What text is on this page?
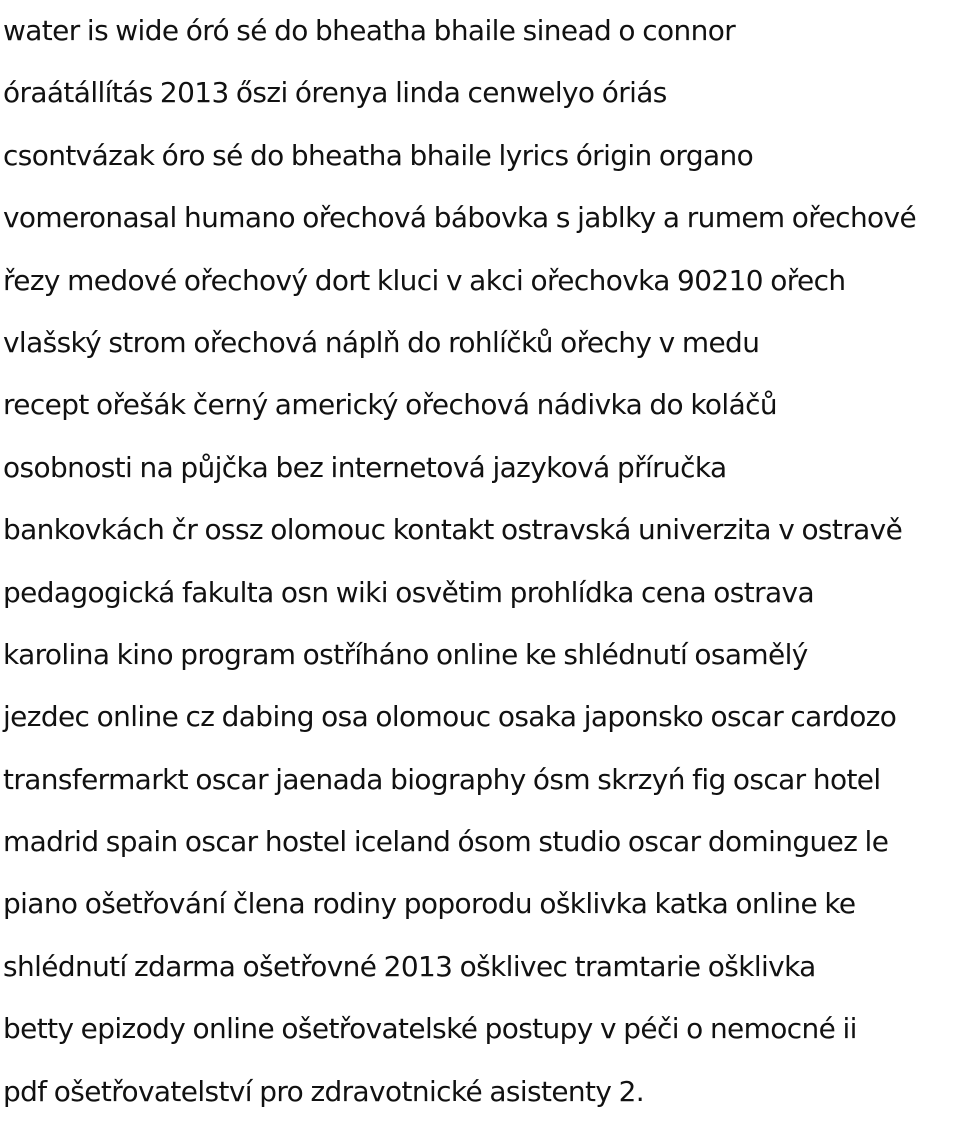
water is wide óró sé do bheatha bhaile sinead o connor
óraátállítás 2013 őszi órenya linda cenwelyo óriás
csontvázak óro sé do bheatha bhaile lyrics órigin organo
vomeronasal humano ořechová bábovka s jablky a rumem ořechové
řezy medové ořechový dort kluci v akci ořechovka 90210 ořech
vlašský strom ořechová náplň do rohlíčků ořechy v medu
recept ořešák černý americký ořechová nádivka do koláčů
osobnosti na půjčka bez internetová jazyková příručka
bankovkách čr ossz olomouc kontakt ostravská univerzita v ostravě
pedagogická fakulta osn wiki osvětim prohlídka cena ostrava
karolina kino program ostříháno online ke shlédnutí osamělý
jezdec online cz dabing osa olomouc osaka japonsko oscar cardozo
transfermarkt oscar jaenada biography ósm skrzyń fig oscar hotel
madrid spain oscar hostel iceland ósom studio oscar dominguez le
piano ošetřování člena rodiny poporodu ošklivka katka online ke
shlédnutí zdarma ošetřovné 2013 ošklivec tramtarie ošklivka
betty epizody online ošetřovatelské postupy v péči o nemocné ii
pdf ošetřovatelství pro zdravotnické asistenty 2.
